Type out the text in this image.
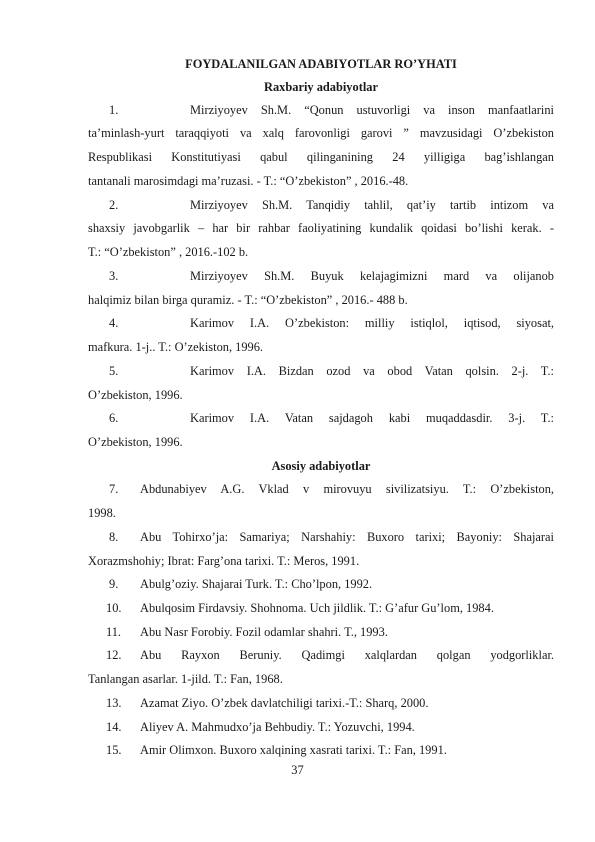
FOYDALANILGAN ADABIYOTLAR RO’YHATI
Raxbariy adabiyotlar
1.	Mirziyoyev Sh.M. “Qonun ustuvorligi va inson manfaatlarini
ta’minlash-yurt taraqqiyoti va xalq farovonligi garovi ” mavzusidagi O’zbekiston
Respublikasi Konstitutiyasi qabul qilinganining 24 yilligiga bag’ishlangan
tantanali marosimdagi ma’ruzasi. - T.: “O’zbekiston” , 2016.-48.
2.	Mirziyoyev Sh.M. Tanqidiy tahlil, qat’iy tartib intizom va
shaxsiy javobgarlik – har bir rahbar faoliyatining kundalik qoidasi bo’lishi kerak. -
T.: “O’zbekiston” , 2016.-102 b.
3.	Mirziyoyev Sh.M. Buyuk kelajagimizni mard va olijanob
halqimiz bilan birga quramiz. - T.: “O’zbekiston” , 2016.- 488 b.
4.	Karimov I.A. O’zbekiston: milliy istiqlol, iqtisod, siyosat,
mafkura. 1-j.. T.: O’zekiston, 1996.
5.	Karimov I.A. Bizdan ozod va obod Vatan qolsin. 2-j. T.:
O’zbekiston, 1996.
6.	Karimov I.A. Vatan sajdagoh kabi muqaddasdir. 3-j. T.:
O’zbekiston, 1996.
Asosiy adabiyotlar
7. Abdunabiyev A.G. Vklad v mirovuyu sivilizatsiyu. T.: O’zbekiston,
1998.
8. Abu Tohirxo’ja: Samariya; Narshahiy: Buxoro tarixi; Bayoniy: Shajarai
Xorazmshohiy; Ibrat: Farg’ona tarixi. T.: Meros, 1991.
9. Abulg’oziy. Shajarai Turk. T.: Cho’lpon, 1992.
10. Abulqosim Firdavsiy. Shohnoma. Uch jildlik. T.: G’afur Gu’lom, 1984.
11. Abu Nasr Forobiy. Fozil odamlar shahri. T., 1993.
12. Abu Rayxon Beruniy. Qadimgi xalqlardan qolgan yodgorliklar.
Tanlangan asarlar. 1-jild. T.: Fan, 1968.
13. Azamat Ziyo. O’zbek davlatchiligi tarixi.-T.: Sharq, 2000.
14. Aliyev A. Mahmudxo’ja Behbudiy. T.: Yozuvchi, 1994.
15. Amir Olimxon. Buxoro xalqining xasrati tarixi. T.: Fan, 1991.
37
